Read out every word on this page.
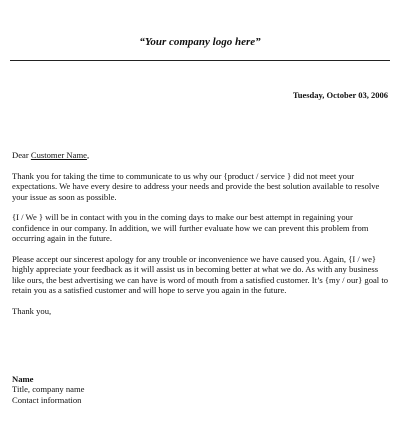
“Your company logo here”
Tuesday, October 03, 2006

Dear Customer Name,

Thank you for taking the time to communicate to us why our {product / service } did not meet your expectations. We have every desire to address your needs and provide the best solution available to resolve your issue as soon as possible.

{I / We } will be in contact with you in the coming days to make our best attempt in regaining your confidence in our company. In addition, we will further evaluate how we can prevent this problem from occurring again in the future.

Please accept our sincerest apology for any trouble or inconvenience we have caused you. Again, {I / we} highly appreciate your feedback as it will assist us in becoming better at what we do. As with any business like ours, the best advertising we can have is word of mouth from a satisfied customer. It’s {my / our} goal to retain you as a satisfied customer and will hope to serve you again in the future.

Thank you,

Name
Title, company name
Contact information
